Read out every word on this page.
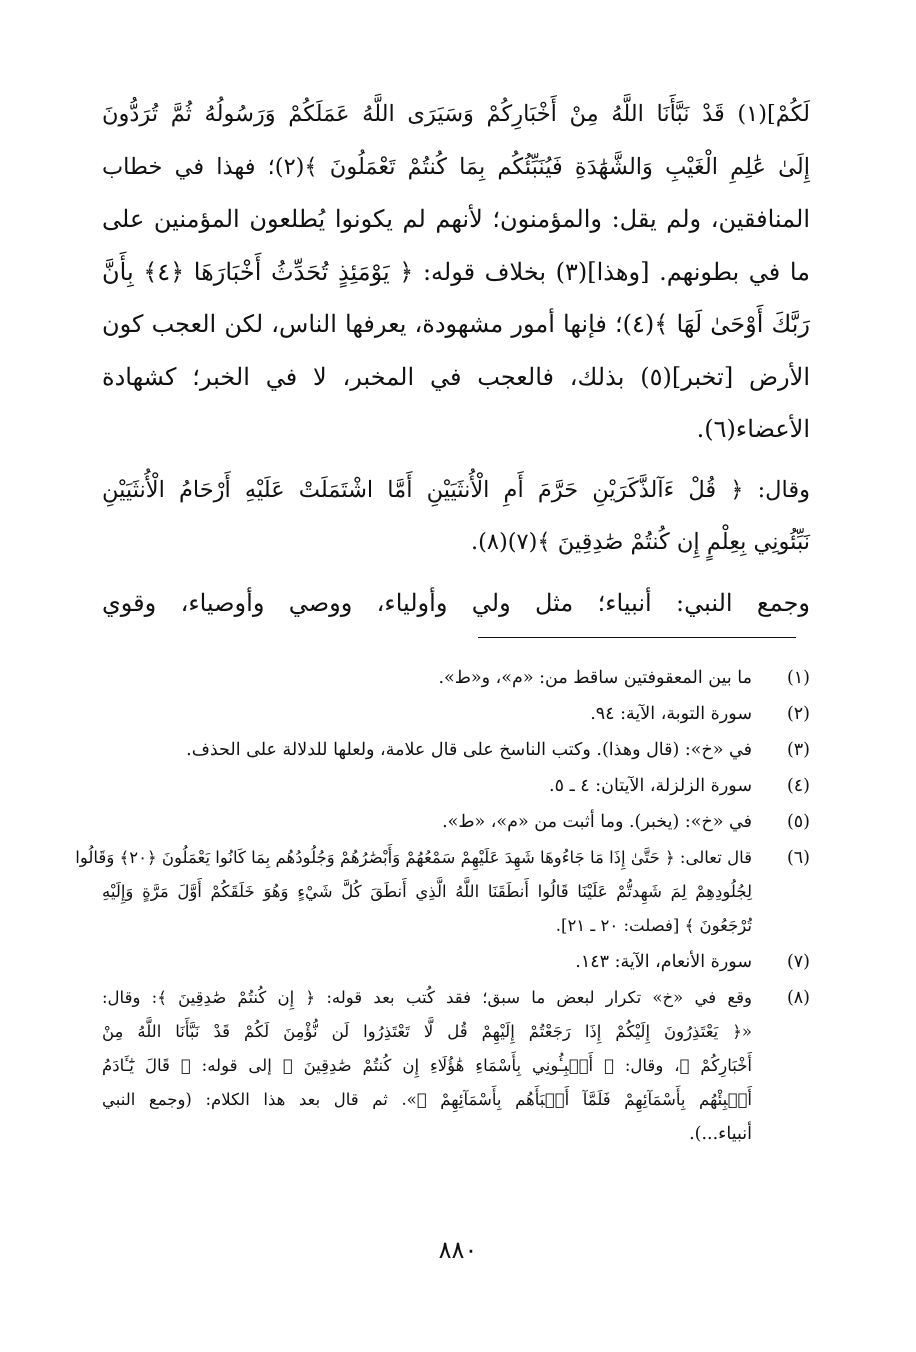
لَكُمْ](١) قَدْ نَبَّأَنَا اللَّهُ مِنْ أَخْبَارِكُمْ وَسَيَرَى اللَّهُ عَمَلَكُمْ وَرَسُولُهُ ثُمَّ تُرَدُّونَ
إِلَىٰ عَٰلِمِ الْغَيْبِ وَالشَّهَٰدَةِ فَيُنَبِّئُكُم بِمَا كُنتُمْ تَعْمَلُونَ ﴾(٢)؛ فهذا في خطاب
المنافقين، ولم يقل: والمؤمنون؛ لأنهم لم يكونوا يُطلعون المؤمنين على
ما في بطونهم. [وهذا](٣) بخلاف قوله: ﴿ يَوْمَئِذٍ تُحَدِّثُ أَخْبَارَهَا ﴿٤﴾ بِأَنَّ
رَبَّكَ أَوْحَىٰ لَهَا ﴾(٤)؛ فإنها أمور مشهودة، يعرفها الناس، لكن العجب كون
الأرض [تخبر](٥) بذلك، فالعجب في المخبر، لا في الخبر؛ كشهادة
الأعضاء(٦).
وقال: ﴿ قُلْ ءَآلذَّكَرَيْنِ حَرَّمَ أَمِ الْأُنثَيَيْنِ أَمَّا اشْتَمَلَتْ عَلَيْهِ أَرْحَامُ الْأُنثَيَيْنِ
نَبِّئُونِي بِعِلْمٍ إِن كُنتُمْ صَٰدِقِينَ ﴾(٧)(٨).
وجمع النبي: أنبياء؛ مثل ولي وأولياء، ووصي وأوصياء، وقوي
(١)
ما بين المعقوفتين ساقط من: «م»، و«ط».
(٢)
سورة التوبة، الآية: ٩٤.
(٣)
في «خ»: (قال وهذا). وكتب الناسخ على قال علامة، ولعلها للدلالة على الحذف.
(٤)
سورة الزلزلة، الآيتان: ٤ ـ ٥.
(٥)
في «خ»: (يخبر). وما أثبت من «م»، «ط».
(٦)
قال تعالى: ﴿ حَتَّىٰ إِذَا مَا جَاءُوهَا شَهِدَ عَلَيْهِمْ سَمْعُهُمْ وَأَبْصَٰرُهُمْ وَجُلُودُهُم بِمَا كَانُوا يَعْمَلُونَ ﴿٢٠﴾ وَقَالُوا
لِجُلُودِهِمْ لِمَ شَهِدتُّمْ عَلَيْنَا قَالُوا أَنطَقَنَا اللَّهُ الَّذِي أَنطَقَ كُلَّ شَيْءٍ وَهُوَ خَلَقَكُمْ أَوَّلَ مَرَّةٍ وَإِلَيْهِ
تُرْجَعُونَ ﴾ [فصلت: ٢٠ ـ ٢١].
(٧)
سورة الأنعام، الآية: ١٤٣.
(٨)
وقع في «خ» تكرار لبعض ما سبق؛ فقد كُتب بعد قوله: ﴿ إِن كُنتُمْ صَٰدِقِينَ ﴾: وقال:
«﴿ يَعْتَذِرُونَ إِلَيْكُمْ إِذَا رَجَعْتُمْ إِلَيْهِمْ قُل لَّا تَعْتَذِرُوا لَن نُّؤْمِنَ لَكُمْ قَدْ نَبَّأَنَا اللَّهُ مِنْ
أَخْبَارِكُمْ ﴾، وقال: ﴿ أَنۢبِـُٔونِي بِأَسْمَاءِ هَٰؤُلَاءِ إِن كُنتُمْ صَٰدِقِينَ ﴾ إلى قوله: ﴿ قَالَ يَٰٓـَٔادَمُ
أَنۢبِئْهُم بِأَسْمَآئِهِمْ فَلَمَّآ أَنۢبَأَهُم بِأَسْمَآئِهِمْ ﴾». ثم قال بعد هذا الكلام: (وجمع النبي
أنبياء...).
٨٨٠
